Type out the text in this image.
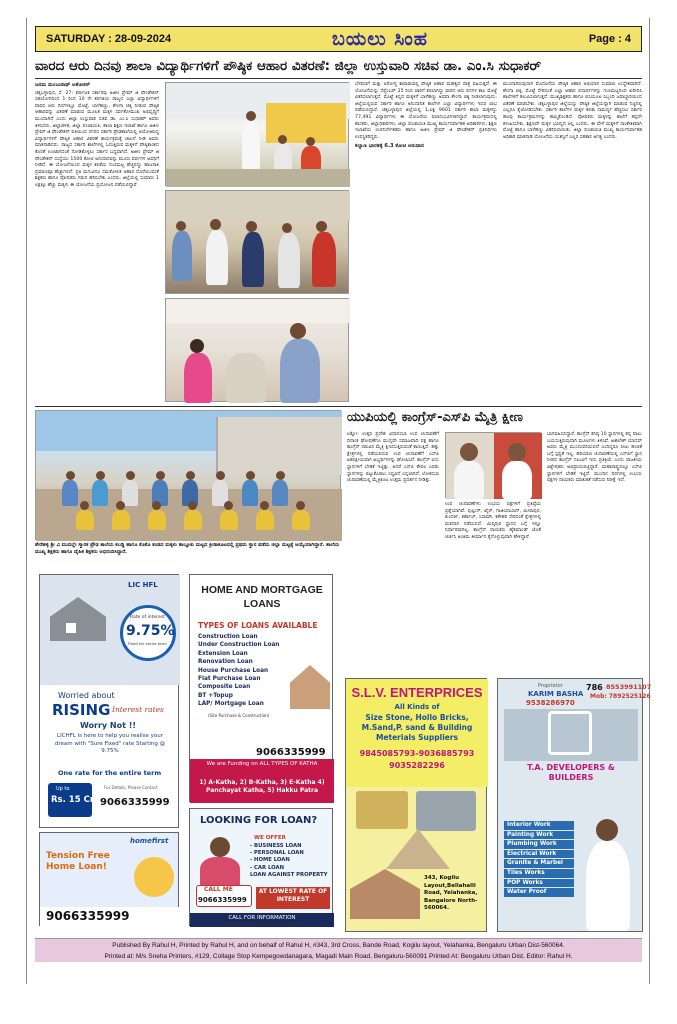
SATURDAY : 28-09-2024	ಬಯಲು ಸಿಂಹ	Page : 4
ವಾರದ ಆರು ದಿನವು ಶಾಲಾ ವಿದ್ಯಾರ್ಥಿಗಳಿಗೆ ಪೌಷ್ಠಿಕ ಆಹಾರ ವಿತರಣೆ: ಜಿಲ್ಲಾ ಉಸ್ತುವಾರಿ ಸಚಿವ ಡಾ. ಎಂ.ಸಿ ಸುಧಾಕರ್

ಜನಮ ಮಂಜುನಾಥ್ ಅಶೋಕನ್

ಚಿಕ್ಕಬಳ್ಳಾಪುರ, ಸೆ. 27: ಕರ್ನಾಟಕ ಸರ್ಕಾರವು ಅಜೀಂ ಪ್ರೇಮ್ ಜಿ ಫೌಂಡೇಶನ್ ಸಹಯೋಗದಿಂದ 1 ರಿಂದ 10 ನೇ ತರಗತಿಯ ರಾಜ್ಯದ ಎಲ್ಲಾ ವಿದ್ಯಾರ್ಥಿಗಳಿಗೆ ವಾರದ ಆರು ದಿನಗಳಲ್ಲೂ ಮೊಟ್ಟೆ, ಬಾಳೆಹಣ್ಣು, ಶೇಂಗಾ ಚಿಕ್ಕಿ ನೀಡುವ ಪೌಷ್ಠಿಕ ಆಹಾರವನ್ನು ವಿತರಣೆ ಮಾಡುವ ಮೂಲಕ ಮಕ್ಕಳ ಸರ್ವತೋಮುಖ ಅಭಿವೃದ್ಧಿಗೆ ಮುಂದಾಗಿದೆ ಎಂದು ಜಿಲ್ಲಾ ಉಸ್ತುವಾರಿ ಸಚಿವ ಡಾ. ಎಂ.ಸಿ ಸುಧಾಕರ್ ಅವರು ತಿಳಿಸಿದರು. ಜಿಲ್ಲಾಡಳಿತ, ಜಿಲ್ಲಾ ಪಂಚಾಯತಿ, ಶಾಲಾ ಶಿಕ್ಷಣ ಇಲಾಖೆ ಹಾಗೂ ಅಜೀಂ ಪ್ರೇಮ್ ಜಿ ಫೌಂಡೇಶನ್ ವತಿಯಿಂದ ನಗರದ ಸರ್ಕಾರಿ ಪ್ರೌಢಶಾಲೆಯಲ್ಲಿ ಆಯೋಜಿಸಿದ್ದ ವಿದ್ಯಾರ್ಥಿಗಳಿಗೆ ಪೌಷ್ಠಿಕ ಆಹಾರ ವಿತರಣೆ ಕಾರ್ಯಕ್ರಮಕ್ಕೆ ಚಾಲನೆ ನೀಡಿ ಅವರು ಮಾತನಾಡಿದರು. ರಾಜ್ಯದ ಸರ್ಕಾರಿ ಶಾಲೆಗಳಲ್ಲಿ ಓದುತ್ತಿರುವ ಮಕ್ಕಳಿಗೆ ಪೌಷ್ಠಿಕಾಂಶದ ಕೊರತೆ ಉಂಟಾಗದಂತೆ ನೋಡಿಕೊಳ್ಳಲು ಸರ್ಕಾರ ಬದ್ಧವಾಗಿದೆ. ಅಜೀಂ ಪ್ರೇಮ್ ಜಿ ಫೌಂಡೇಶನ್ ಸಂಸ್ಥೆಯು 1500 ಕೋಟಿ ಅನುದಾನವನ್ನು ಮೂರು ವರ್ಷಗಳ ಅವಧಿಗೆ ನೀಡಿದೆ. ಈ ಯೋಜನೆಯಿಂದ ಮಕ್ಕಳ ಕಲಿಕೆಯ ಗುಣಮಟ್ಟ ಹೆಚ್ಚಲಿದ್ದು ಹಾಜರಾತಿ ಪ್ರಮಾಣವೂ ಹೆಚ್ಚಾಗಲಿದೆ. ಪ್ರತಿ ಮಗುವಿಗೂ ಸಮತೋಲಿತ ಆಹಾರ ದೊರೆಯುವಂತೆ ಶಿಕ್ಷಕರು ಹಾಗೂ ಪೋಷಕರು ಗಮನ ಹರಿಸಬೇಕು ಎಂದರು. ಜಿಲ್ಲೆಯಲ್ಲಿ ಸುಮಾರು 1 ಲಕ್ಷಕ್ಕೂ ಹೆಚ್ಚು ಮಕ್ಕಳು ಈ ಯೋಜನೆಯ ಪ್ರಯೋಜನ ಪಡೆಯಲಿದ್ದಾರೆ.

ಬೆಳವಣಿಗೆ ಮತ್ತು ಆರೋಗ್ಯ ಕಾಪಾಡುವಲ್ಲಿ ಪೌಷ್ಠಿಕ ಆಹಾರ ಮಹತ್ವದ ಪಾತ್ರ ವಹಿಸುತ್ತದೆ. ಈ ಯೋಜನೆಯನ್ನು ಸೆಪ್ಟೆಂಬರ್ 25 ರಿಂದ ಜಾರಿಗೆ ತರಲಾಗಿದ್ದು ವಾರದ ಆರು ದಿನಗಳ ಕಾಲ ಮೊಟ್ಟೆ ವಿತರಿಸಲಾಗುತ್ತದೆ. ಮೊಟ್ಟೆ ತಿನ್ನದ ಮಕ್ಕಳಿಗೆ ಬಾಳೆಹಣ್ಣು ಅಥವಾ ಶೇಂಗಾ ಚಿಕ್ಕಿ ನೀಡಲಾಗುವುದು. ಜಿಲ್ಲೆಯಲ್ಲಿರುವ ಸರ್ಕಾರಿ ಹಾಗೂ ಅನುದಾನಿತ ಶಾಲೆಗಳ ಎಲ್ಲಾ ವಿದ್ಯಾರ್ಥಿಗಳು ಇದರ ಲಾಭ ಪಡೆಯಲಿದ್ದಾರೆ. ಚಿಕ್ಕಬಳ್ಳಾಪುರ ಜಿಲ್ಲೆಯಲ್ಲಿ 1,ಲಕ್ಷ 9601 ಸರ್ಕಾರಿ ಶಾಲಾ ಮಕ್ಕಳಿದ್ದು 77,491 ವಿದ್ಯಾರ್ಥಿಗಳು ಈ ಯೋಜನೆಯ ಫಲಾನುಭವಿಗಳಾಗಿದ್ದಾರೆ. ಕಾರ್ಯಕ್ರಮದಲ್ಲಿ ಶಾಸಕರು, ಜಿಲ್ಲಾಧಿಕಾರಿಗಳು, ಜಿಲ್ಲಾ ಪಂಚಾಯತಿ ಮುಖ್ಯ ಕಾರ್ಯನಿರ್ವಾಹಕ ಅಧಿಕಾರಿಗಳು, ಶಿಕ್ಷಣ ಇಲಾಖೆಯ ಉಪನಿರ್ದೇಶಕರು ಹಾಗೂ ಅಜೀಂ ಪ್ರೇಮ್ ಜಿ ಫೌಂಡೇಶನ್ ಪ್ರತಿನಿಧಿಗಳು ಉಪಸ್ಥಿತರಿದ್ದರು.

ಕಲ್ಯಾಣ ಭಾರತಕ್ಕೆ 6.3 ಕೋಟಿ ಅನುದಾನ

ಮುಂದಾಗಿರುವುದಾಗಿ ಮೊದಲನೆಯ ಪೌಷ್ಠಿಕ ಆಹಾರ ಅಭಿಯಾನ ಸುಮಾರು ಉದ್ದೇಶವಾಗಿದೆ. ಶೇಂಗಾ ಚಿಕ್ಕಿ, ಮೊಟ್ಟೆ ಸೇರಿದಂತೆ ಎಲ್ಲಾ ಆಹಾರ ಪದಾರ್ಥಗಳನ್ನು ಗುಣಮಟ್ಟದಿಂದ ಖರೀದಿಸಿ ಶಾಲೆಗಳಿಗೆ ತಲುಪಿಸಲಾಗುತ್ತದೆ. ಮುಖ್ಯಶಿಕ್ಷಕರು ಹಾಗೂ ಬಿಸಿಯೂಟ ಸಿಬ್ಬಂದಿ ಜವಾಬ್ದಾರಿಯಿಂದ ವಿತರಣೆ ಮಾಡಬೇಕು. ಚಿಕ್ಕಬಳ್ಳಾಪುರ ಜಿಲ್ಲೆಯನ್ನು ಪೌಷ್ಠಿಕ ಜಿಲ್ಲೆಯನ್ನಾಗಿ ಮಾಡುವ ನಿಟ್ಟಿನಲ್ಲಿ ಎಲ್ಲರೂ ಕೈಜೋಡಿಸಬೇಕು. ಸರ್ಕಾರಿ ಶಾಲೆಗಳ ಮಕ್ಕಳ ಕಲಿಕಾ ಸಾಮರ್ಥ್ಯ ಹೆಚ್ಚಿಸಲು ಸರ್ಕಾರ ಹಲವು ಕಾರ್ಯಕ್ರಮಗಳನ್ನು ಹಮ್ಮಿಕೊಂಡಿದೆ. ಪೋಷಕರು ಮಕ್ಕಳನ್ನು ಶಾಲೆಗೆ ತಪ್ಪದೇ ಕಳುಹಿಸಬೇಕು. ಶಿಕ್ಷಣವೇ ಮಕ್ಕಳ ಭವಿಷ್ಯದ ಆಸ್ತಿ ಎಂದರು. ಈ ವೇಳೆ ಮಕ್ಕಳಿಗೆ ಸಾಂಕೇತಿಕವಾಗಿ ಮೊಟ್ಟೆ ಹಾಗೂ ಬಾಳೆಹಣ್ಣು ವಿತರಿಸಲಾಯಿತು. ಜಿಲ್ಲಾ ಪಂಚಾಯತಿ ಮುಖ್ಯ ಕಾರ್ಯನಿರ್ವಾಹಕ ಅಧಿಕಾರಿ ಮಾತನಾಡಿ ಯೋಜನೆಯ ಯಶಸ್ಸಿಗೆ ಎಲ್ಲರ ಸಹಕಾರ ಅಗತ್ಯ ಎಂದರು.

ಶೇರೆಹಳ್ಳಿ ಶ್ರೀ ವಿ ಮುದಲ್ಲೇ ಸ್ಮಾರಕ ಪ್ರೌಢ ಶಾಲೆಯ ಕಬಡ್ಡಿ ಹಾಗೂ ಕೊಕೊ ತಂಡದ ಮಕ್ಕಳು ತಾಲ್ಲೂಕು ಮಟ್ಟದ ಕ್ರೀಡಾಕೂಟದಲ್ಲಿ ಪ್ರಥಮ ಸ್ಥಾನ ಪಡೆದು ಜಿಲ್ಲಾ ಮಟ್ಟಕ್ಕೆ ಆಯ್ಕೆಯಾಗಿದ್ದಾರೆ. ಶಾಲೆಯ ಮುಖ್ಯ ಶಿಕ್ಷಕರು ಹಾಗೂ ದೈಹಿಕ ಶಿಕ್ಷಕರು ಅಭಿನಂದಿಸಿದ್ದಾರೆ.
ಯುಪಿಯಲ್ಲಿ ಕಾಂಗ್ರೆಸ್-ಎಸ್‌ಪಿ ಮೈತ್ರಿ ಕ್ಷೀಣ

ಲಕ್ನೋ: ಉತ್ತರ ಪ್ರದೇಶ ವಿಧಾನಸಭಾ ಉಪ ಚುನಾವಣೆಗೆ ದಿನಾಂಕ ಘೋಷಣೆಗೂ ಮುನ್ನವೇ ಸಮಾಜವಾದಿ ಪಕ್ಷ ಹಾಗೂ ಕಾಂಗ್ರೆಸ್ ನಡುವಿನ ಮೈತ್ರಿ ಕ್ಷೀಣಿಸುತ್ತಿರುವಂತೆ ಕಾಣುತ್ತಿದೆ. ಹತ್ತು ಕ್ಷೇತ್ರಗಳಲ್ಲಿ ನಡೆಯಲಿರುವ ಉಪ ಚುನಾವಣೆಗೆ ಎಸ್‌ಪಿ ಏಕಪಕ್ಷೀಯವಾಗಿ ಅಭ್ಯರ್ಥಿಗಳನ್ನು ಘೋಷಿಸಿದೆ. ಕಾಂಗ್ರೆಸ್ ಐದು ಸ್ಥಾನಗಳಿಗೆ ಬೇಡಿಕೆ ಇಟ್ಟಿತ್ತು. ಆದರೆ ಎಸ್‌ಪಿ ಕೇವಲ ಎರಡು ಸ್ಥಾನಗಳನ್ನು ಬಿಟ್ಟುಕೊಡಲು ಸಿದ್ಧವಿದೆ ಎನ್ನಲಾಗಿದೆ. ಲೋಕಸಭಾ ಚುನಾವಣೆಯಲ್ಲಿ ಮೈತ್ರಿಕೂಟ ಉತ್ತಮ ಪ್ರದರ್ಶನ ನೀಡಿತ್ತು.

ಉಪ ಚುನಾವಣೆಗಳು ಉಭಯ ಪಕ್ಷಗಳಿಗೆ ಪ್ರತಿಷ್ಠೆಯ ಪ್ರಶ್ನೆಯಾಗಿವೆ. ಫುಲ್ಪುರ್, ಖೈರ್, ಗಾಜಿಯಾಬಾದ್, ಮೀರಾಪುರ, ಕುಂದರ್ಕಿ, ಕರ್ಹಾಲ್, ಸಿಸಾಮೌ, ಕತೇಹರಿ ಸೇರಿದಂತೆ ಕ್ಷೇತ್ರಗಳಲ್ಲಿ ಮತದಾನ ನಡೆಯಲಿದೆ. ಮಿಲ್ಕಿಪುರ ಸ್ಥಾನದ ಬಗ್ಗೆ ಇನ್ನೂ ನಿರ್ಧಾರವಾಗಿಲ್ಲ. ಕಾಂಗ್ರೆಸ್ ನಾಯಕರು ಹೈಕಮಾಂಡ್ ಜೊತೆ ಚರ್ಚಿಸಿ ಅಂತಿಮ ತೀರ್ಮಾನ ಕೈಗೊಳ್ಳುವುದಾಗಿ ಹೇಳಿದ್ದಾರೆ.

ಭಾಗವಹಿಸಲಿದ್ದಾರೆ. ಕಾಂಗ್ರೆಸ್ ಕನಿಷ್ಠ 10 ಸ್ಥಾನಗಳಲ್ಲಿ ತನ್ನ ಪಾಲು ಬಯಸುತ್ತಿರುವುದಾಗಿ ಮೂಲಗಳು ತಿಳಿಸಿವೆ. ಅಖಿಲೇಶ್ ಯಾದವ್ ಅವರು ಮೈತ್ರಿ ಮುಂದುವರಿಯಲಿದೆ ಎಂದಿದ್ದರೂ ಸೀಟು ಹಂಚಿಕೆ ಬಗ್ಗೆ ಸ್ಪಷ್ಟತೆ ಇಲ್ಲ. ಹರಿಯಾಣ ಚುನಾವಣೆಯಲ್ಲಿ ಎಸ್‌ಪಿಗೆ ಸ್ಥಾನ ನೀಡದ ಕಾಂಗ್ರೆಸ್ ನಿಲುವಿಗೆ ಇದು ಪ್ರತಿಕ್ರಿಯೆ ಎಂದು ರಾಜಕೀಯ ವಿಶ್ಲೇಷಕರು ಅಭಿಪ್ರಾಯಪಟ್ಟಿದ್ದಾರೆ. ಮಹಾರಾಷ್ಟ್ರದಲ್ಲೂ ಎಸ್‌ಪಿ ಸ್ಥಾನಗಳಿಗೆ ಬೇಡಿಕೆ ಇಟ್ಟಿದೆ. ಮುಂದಿನ ದಿನಗಳಲ್ಲಿ ಉಭಯ ಪಕ್ಷಗಳ ನಾಯಕರು ಮಾತುಕತೆ ನಡೆಸುವ ನಿರೀಕ್ಷೆ ಇದೆ.

LIC HFL
Rate of interest
9.75%
Fixed for entire term
Worried about
RISING Interest rates
Worry Not !!
LICHFL is here to help you realise your dream with "Sure Fixed" rate Starting @ 9.75%
One rate for the entire term
Up to
Rs. 15 Cr
For Details, Please Contact
9066335999
HOME AND MORTGAGE LOANS
TYPES OF LOANS AVAILABLE
Construction Loan
Under Construction Loan
Extension Loan
Renovation Loan
House Purchase Loan
Flat Purchase Loan
Composite Loan
BT +Topup
LAP/ Mortgage Loan
(Site Purchase & Construction)
9066335999
We are Funding on ALL TYPES OF KATHA
1) A-Katha, 2) B-Katha, 3) E-Katha 4) Panchayat Katha, 5) Hakku Patra
homefirst
Tension Free Home Loan!
9066335999
LOOKING FOR LOAN?
WE OFFER
- BUSINESS LOAN
- PERSONAL LOAN
- HOME LOAN
- CAR LOAN
LOAN AGAINST PROPERTY
CALL ME
9066335999
AT LOWEST RATE OF INTEREST
CALL FOR INFORMATION
S.L.V. ENTERPRICES
All Kinds of
Size Stone, Hollo Bricks, M.Sand,P. sand & Building Meterials Suppliers
9845085793-9036885793
9035282296
343, Kogilu Layout,Bellahalli Road, Yelahanka, Bangalore North-560064.
Proprietor
KARIM BASHA
9538286970
786 8553991107
Mob: 7892525126
T.A. DEVELOPERS & BUILDERS
Interior Work
Painting Work
Plumbing Work
Electrical Work
Granite & Marbel
Tiles Works
POP Works
Water Proof
Published By Rahul H, Printed by Rahul H, and on behalf of Rahul H, #343, 3rd Cross, Bande Road, Kogilu layout, Yelahanka, Bengaluru Urban Dist-560064.
Printed at: M/s Sneha Printers, #129, Collage Stop Kempegowdanagara, Magadi Main Road, Bengaluru-560091 Printed At: Bengaluru Urban Dist. Editor: Rahul H.
